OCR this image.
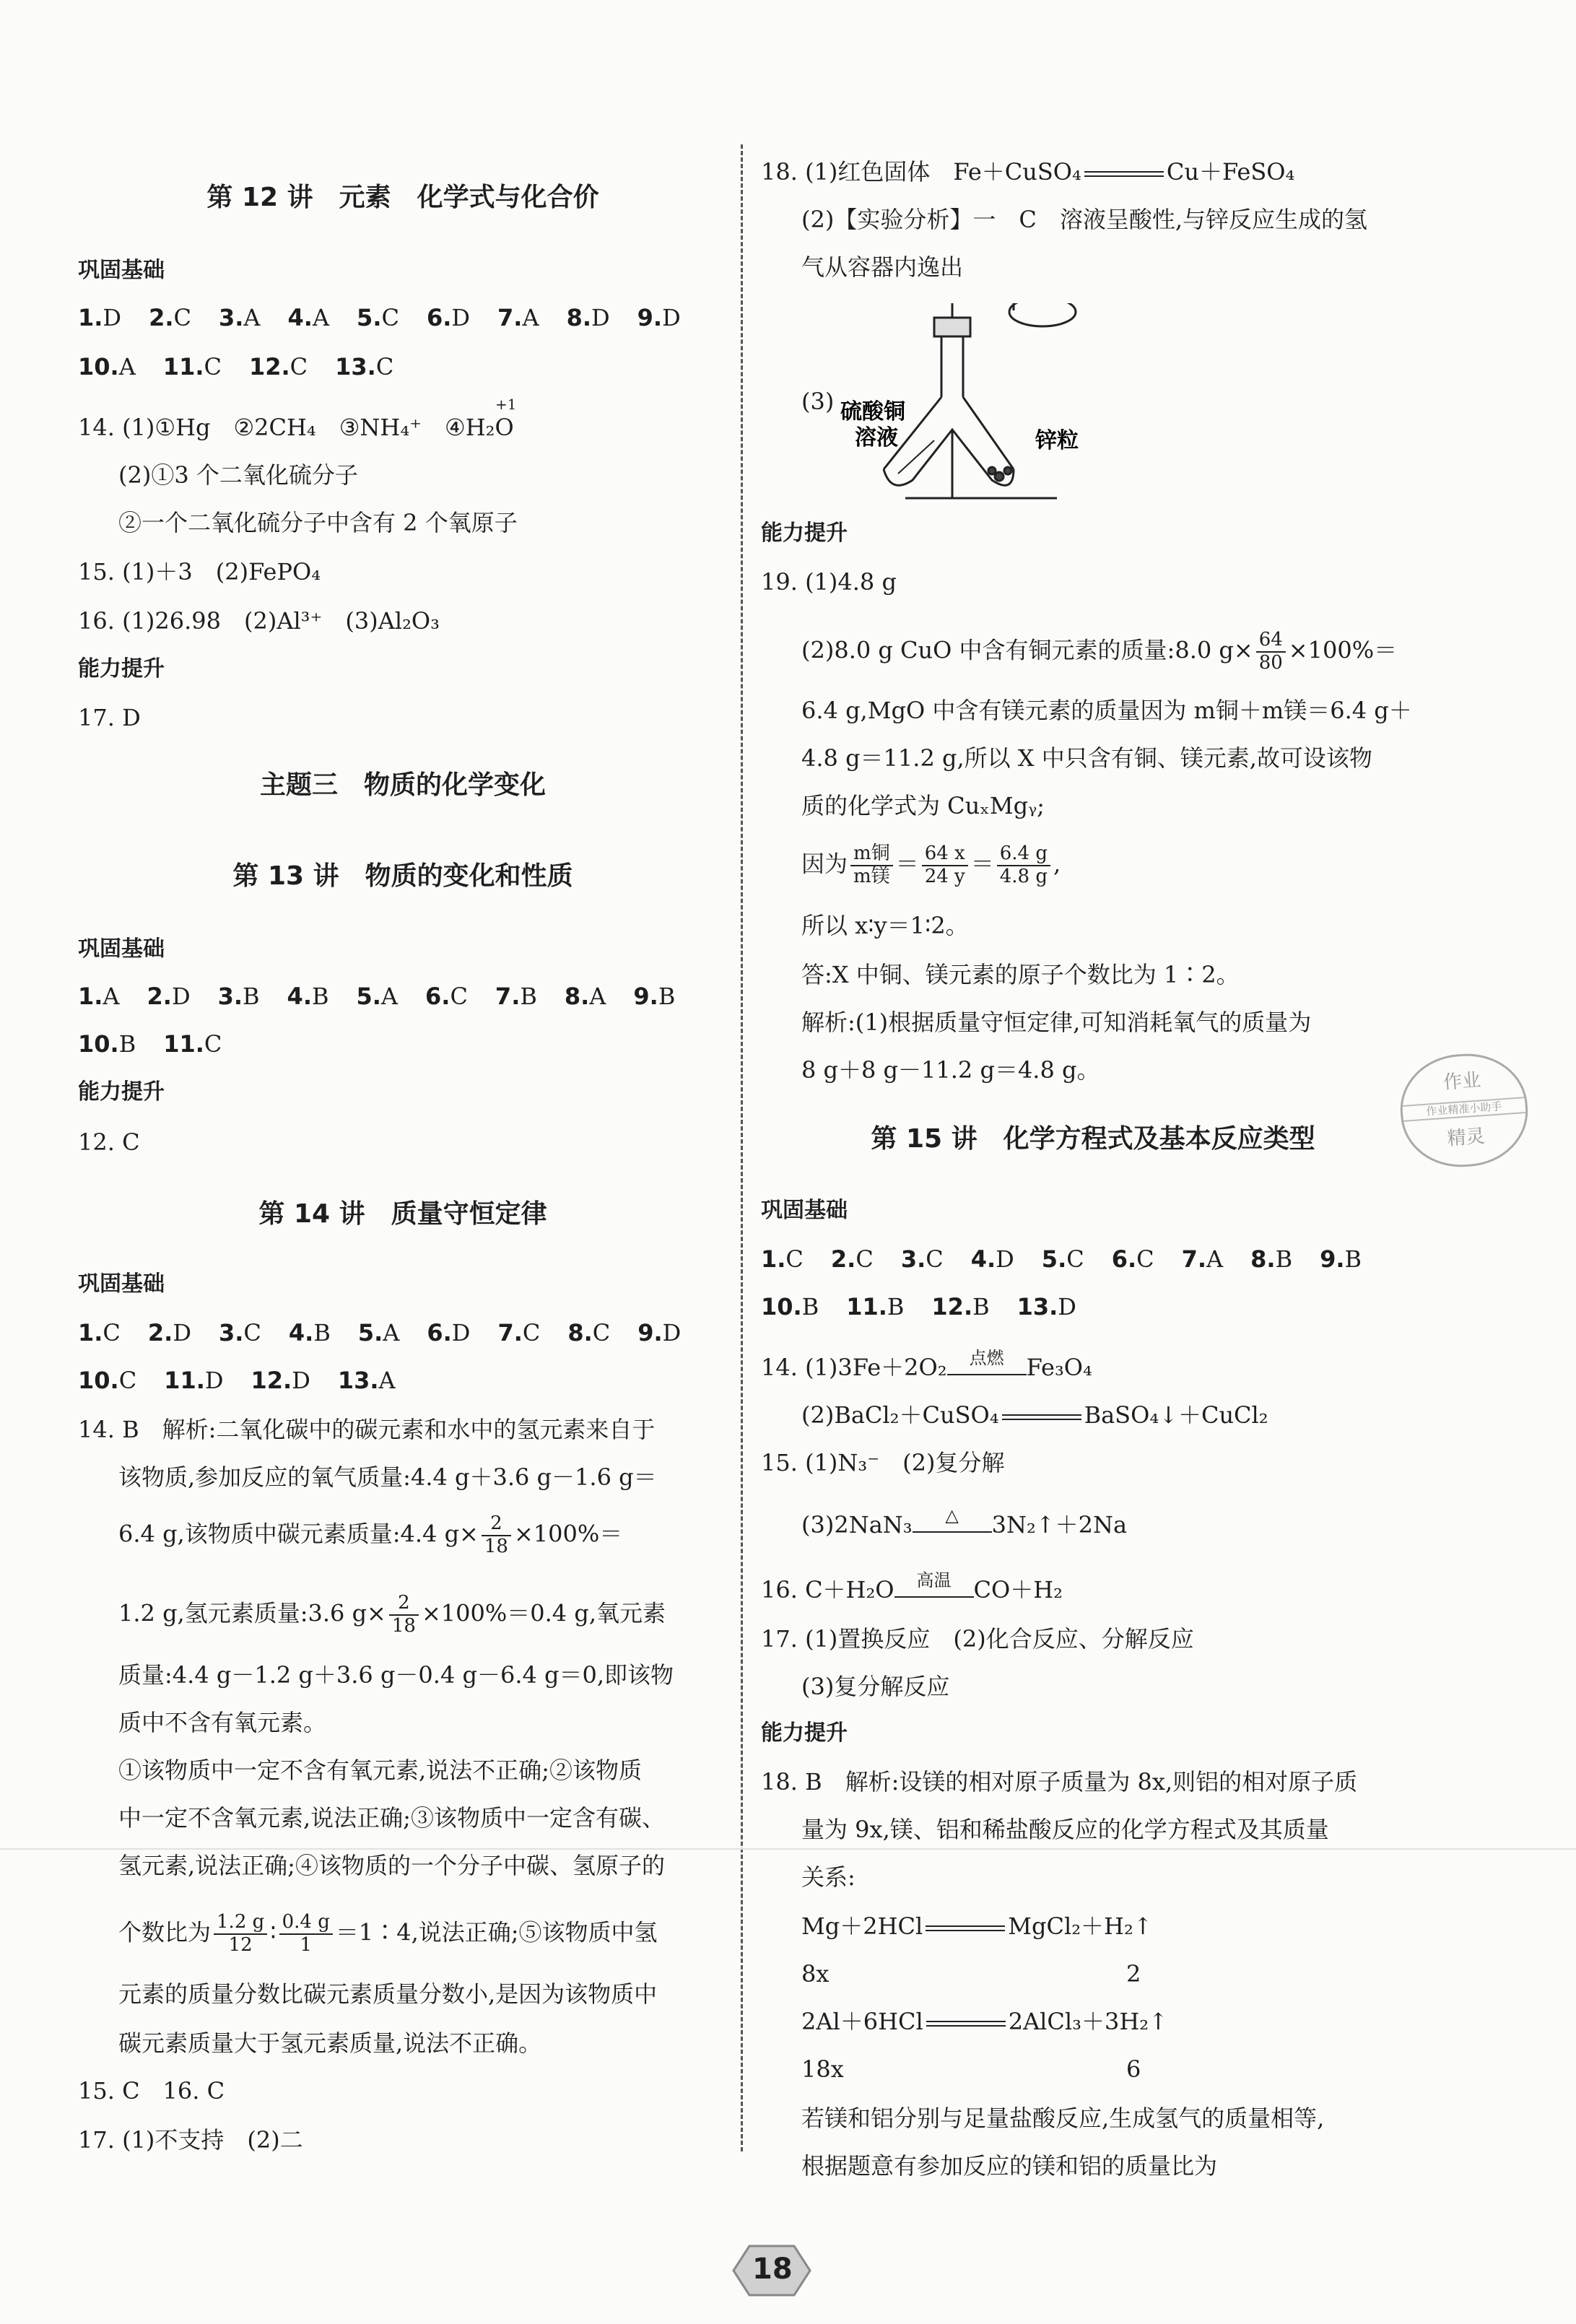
第 12 讲　元素　化学式与化合价
巩固基础
1.D 2.C 3.A 4.A 5.C 6.D 7.A 8.D 9.D
10.A 11.C 12.C 13.C
+1
14. (1)①Hg　②2CH₄　③NH₄⁺　④H₂O
(2)①3 个二氧化硫分子
②一个二氧化硫分子中含有 2 个氧原子
15. (1)＋3　(2)FePO₄
16. (1)26.98　(2)Al³⁺　(3)Al₂O₃
能力提升
17. D
主题三　物质的化学变化
第 13 讲　物质的变化和性质
巩固基础
1.A 2.D 3.B 4.B 5.A 6.C 7.B 8.A 9.B
10.B 11.C
能力提升
12. C
第 14 讲　质量守恒定律
巩固基础
1.C 2.D 3.C 4.B 5.A 6.D 7.C 8.C 9.D
10.C 11.D 12.D 13.A
14. B　解析:二氧化碳中的碳元素和水中的氢元素来自于
该物质,参加反应的氧气质量:4.4 g＋3.6 g－1.6 g＝
6.4 g,该物质中碳元素质量:4.4 $g\times \frac{2}{18} \times 100\%=$
1.2 g,氢元素质量:3.6 $g\times \frac{2}{18} \times 100\%=0.4$ g,氧元素
质量:4.4 g－1.2 g＋3.6 g－0.4 g－6.4 g＝0,即该物
质中不含有氧元素。
①该物质中一定不含有氧元素,说法不正确;②该物质
中一定不含氧元素,说法正确;③该物质中一定含有碳、
氢元素,说法正确;④该物质的一个分子中碳、氢原子的
个数比为 $\frac{1.2 g}{12}$ ∶ $\frac{0.4 g}{1}$ ＝1∶4,说法正确;⑤该物质中氢
元素的质量分数比碳元素质量分数小,是因为该物质中
碳元素质量大于氢元素质量,说法不正确。
15. C　16. C
17. (1)不支持　(2)二
18. (1)红色固体　Fe＋CuSO₄	Cu＋FeSO₄
(2)【实验分析】一　C　溶液呈酸性,与锌反应生成的氢
气从容器内逸出
(3) 硫酸铜
溶液	锌粒
能力提升
19. (1)4.8 g
(2)8.0 g CuO 中含有铜元素的质量:8.0 $g\times \frac{64}{80} \times 100\%=$
6.4 g,MgO 中含有镁元素的质量因为 m铜＋m镁＝6.4 g＋
4.8 g＝11.2 g,所以 X 中只含有铜、镁元素,故可设该物
质的化学式为 CuₓMgᵧ;
因为 $\frac{\text{m铜}}{\text{m镁}} = \frac{64 x}{24 y} = \frac{6.4 g}{4.8 g}$ ,
所以 x∶y＝1∶2。
答:X 中铜、镁元素的原子个数比为 1∶2。
解析:(1)根据质量守恒定律,可知消耗氧气的质量为
8 g＋8 g－11.2 g＝4.8 g。
第 15 讲　化学方程式及基本反应类型
巩固基础
1.C 2.C 3.C 4.D 5.C 6.C 7.A 8.B 9.B
10.B 11.B 12.B 13.D
14. (1)3Fe＋2O₂	点燃 Fe₃O₄
(2)BaCl₂＋CuSO₄	BaSO₄↓＋CuCl₂
15. (1)N₃⁻　(2)复分解
(3)2NaN₃	△	3N₂↑＋2Na
16. C＋H₂O	高温 CO＋H₂
17. (1)置换反应　(2)化合反应、分解反应
(3)复分解反应
能力提升
18. B　解析:设镁的相对原子质量为 8x,则铝的相对原子质
量为 9x,镁、铝和稀盐酸反应的化学方程式及其质量
关系:
Mg＋2HCl	MgCl₂＋H₂↑
8x	2
2Al＋6HCl	2AlCl₃＋3H₂↑
18x	6
若镁和铝分别与足量盐酸反应,生成氢气的质量相等,
根据题意有参加反应的镁和铝的质量比为
作业
作业精准小助手
精灵
18
